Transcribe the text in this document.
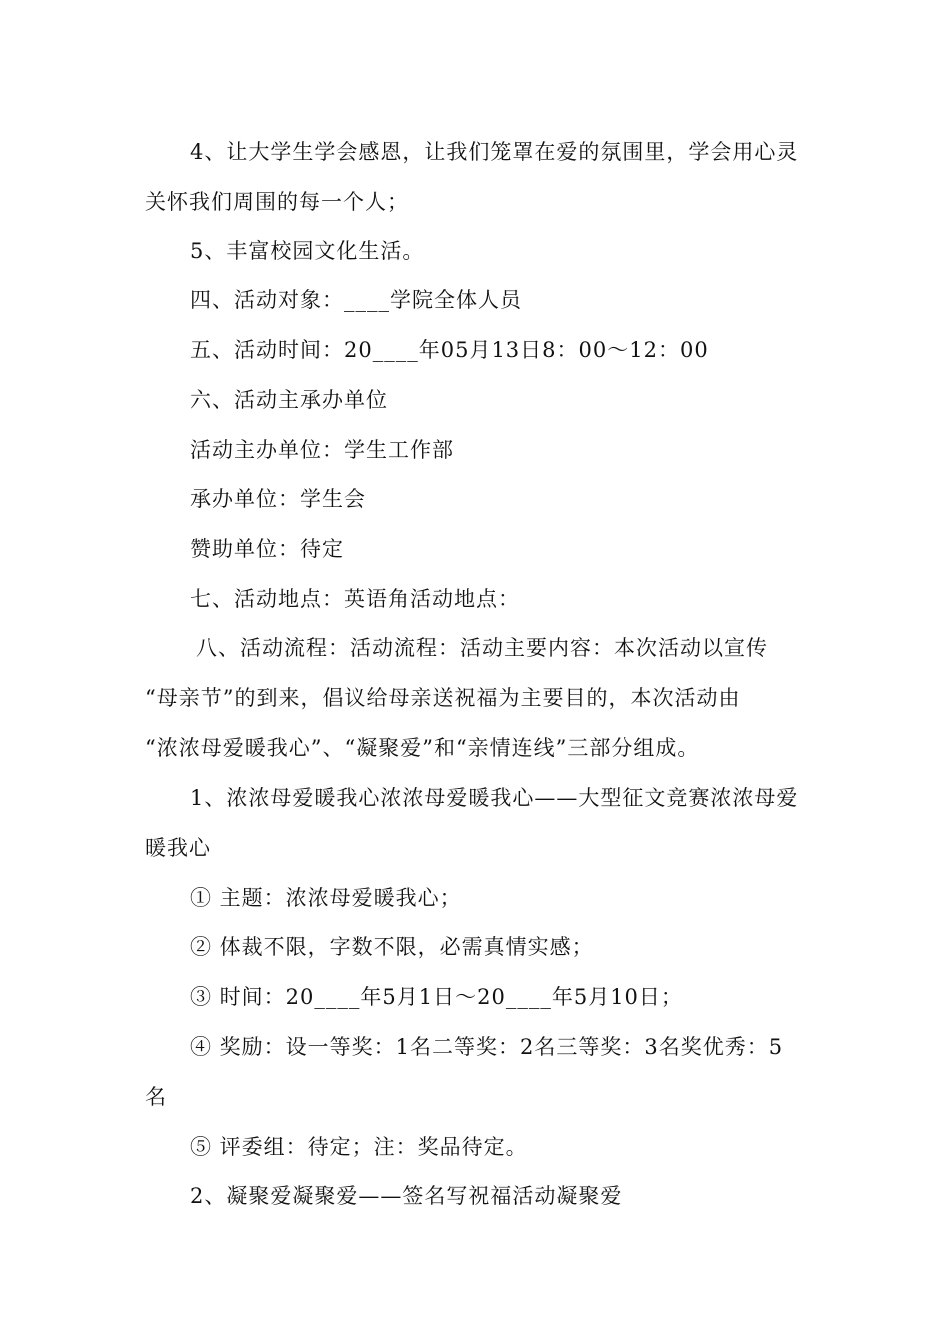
4、让大学生学会感恩，让我们笼罩在爱的氛围里，学会用心灵
关怀我们周围的每一个人；
5、丰富校园文化生活。
四、活动对象：____学院全体人员
五、活动时间：20____年05月13日8：00～12：00
六、活动主承办单位
活动主办单位：学生工作部
承办单位：学生会
赞助单位：待定
七、活动地点：英语角活动地点：
八、活动流程：活动流程：活动主要内容：本次活动以宣传
“母亲节”的到来，倡议给母亲送祝福为主要目的，本次活动由
“浓浓母爱暖我心”、“凝聚爱”和“亲情连线”三部分组成。
1、浓浓母爱暖我心浓浓母爱暖我心——大型征文竞赛浓浓母爱
暖我心
① 主题：浓浓母爱暖我心；
② 体裁不限，字数不限，必需真情实感；
③ 时间：20____年5月1日～20____年5月10日；
④ 奖励：设一等奖：1名二等奖：2名三等奖：3名奖优秀：5
名
⑤ 评委组：待定；注：奖品待定。
2、凝聚爱凝聚爱——签名写祝福活动凝聚爱
